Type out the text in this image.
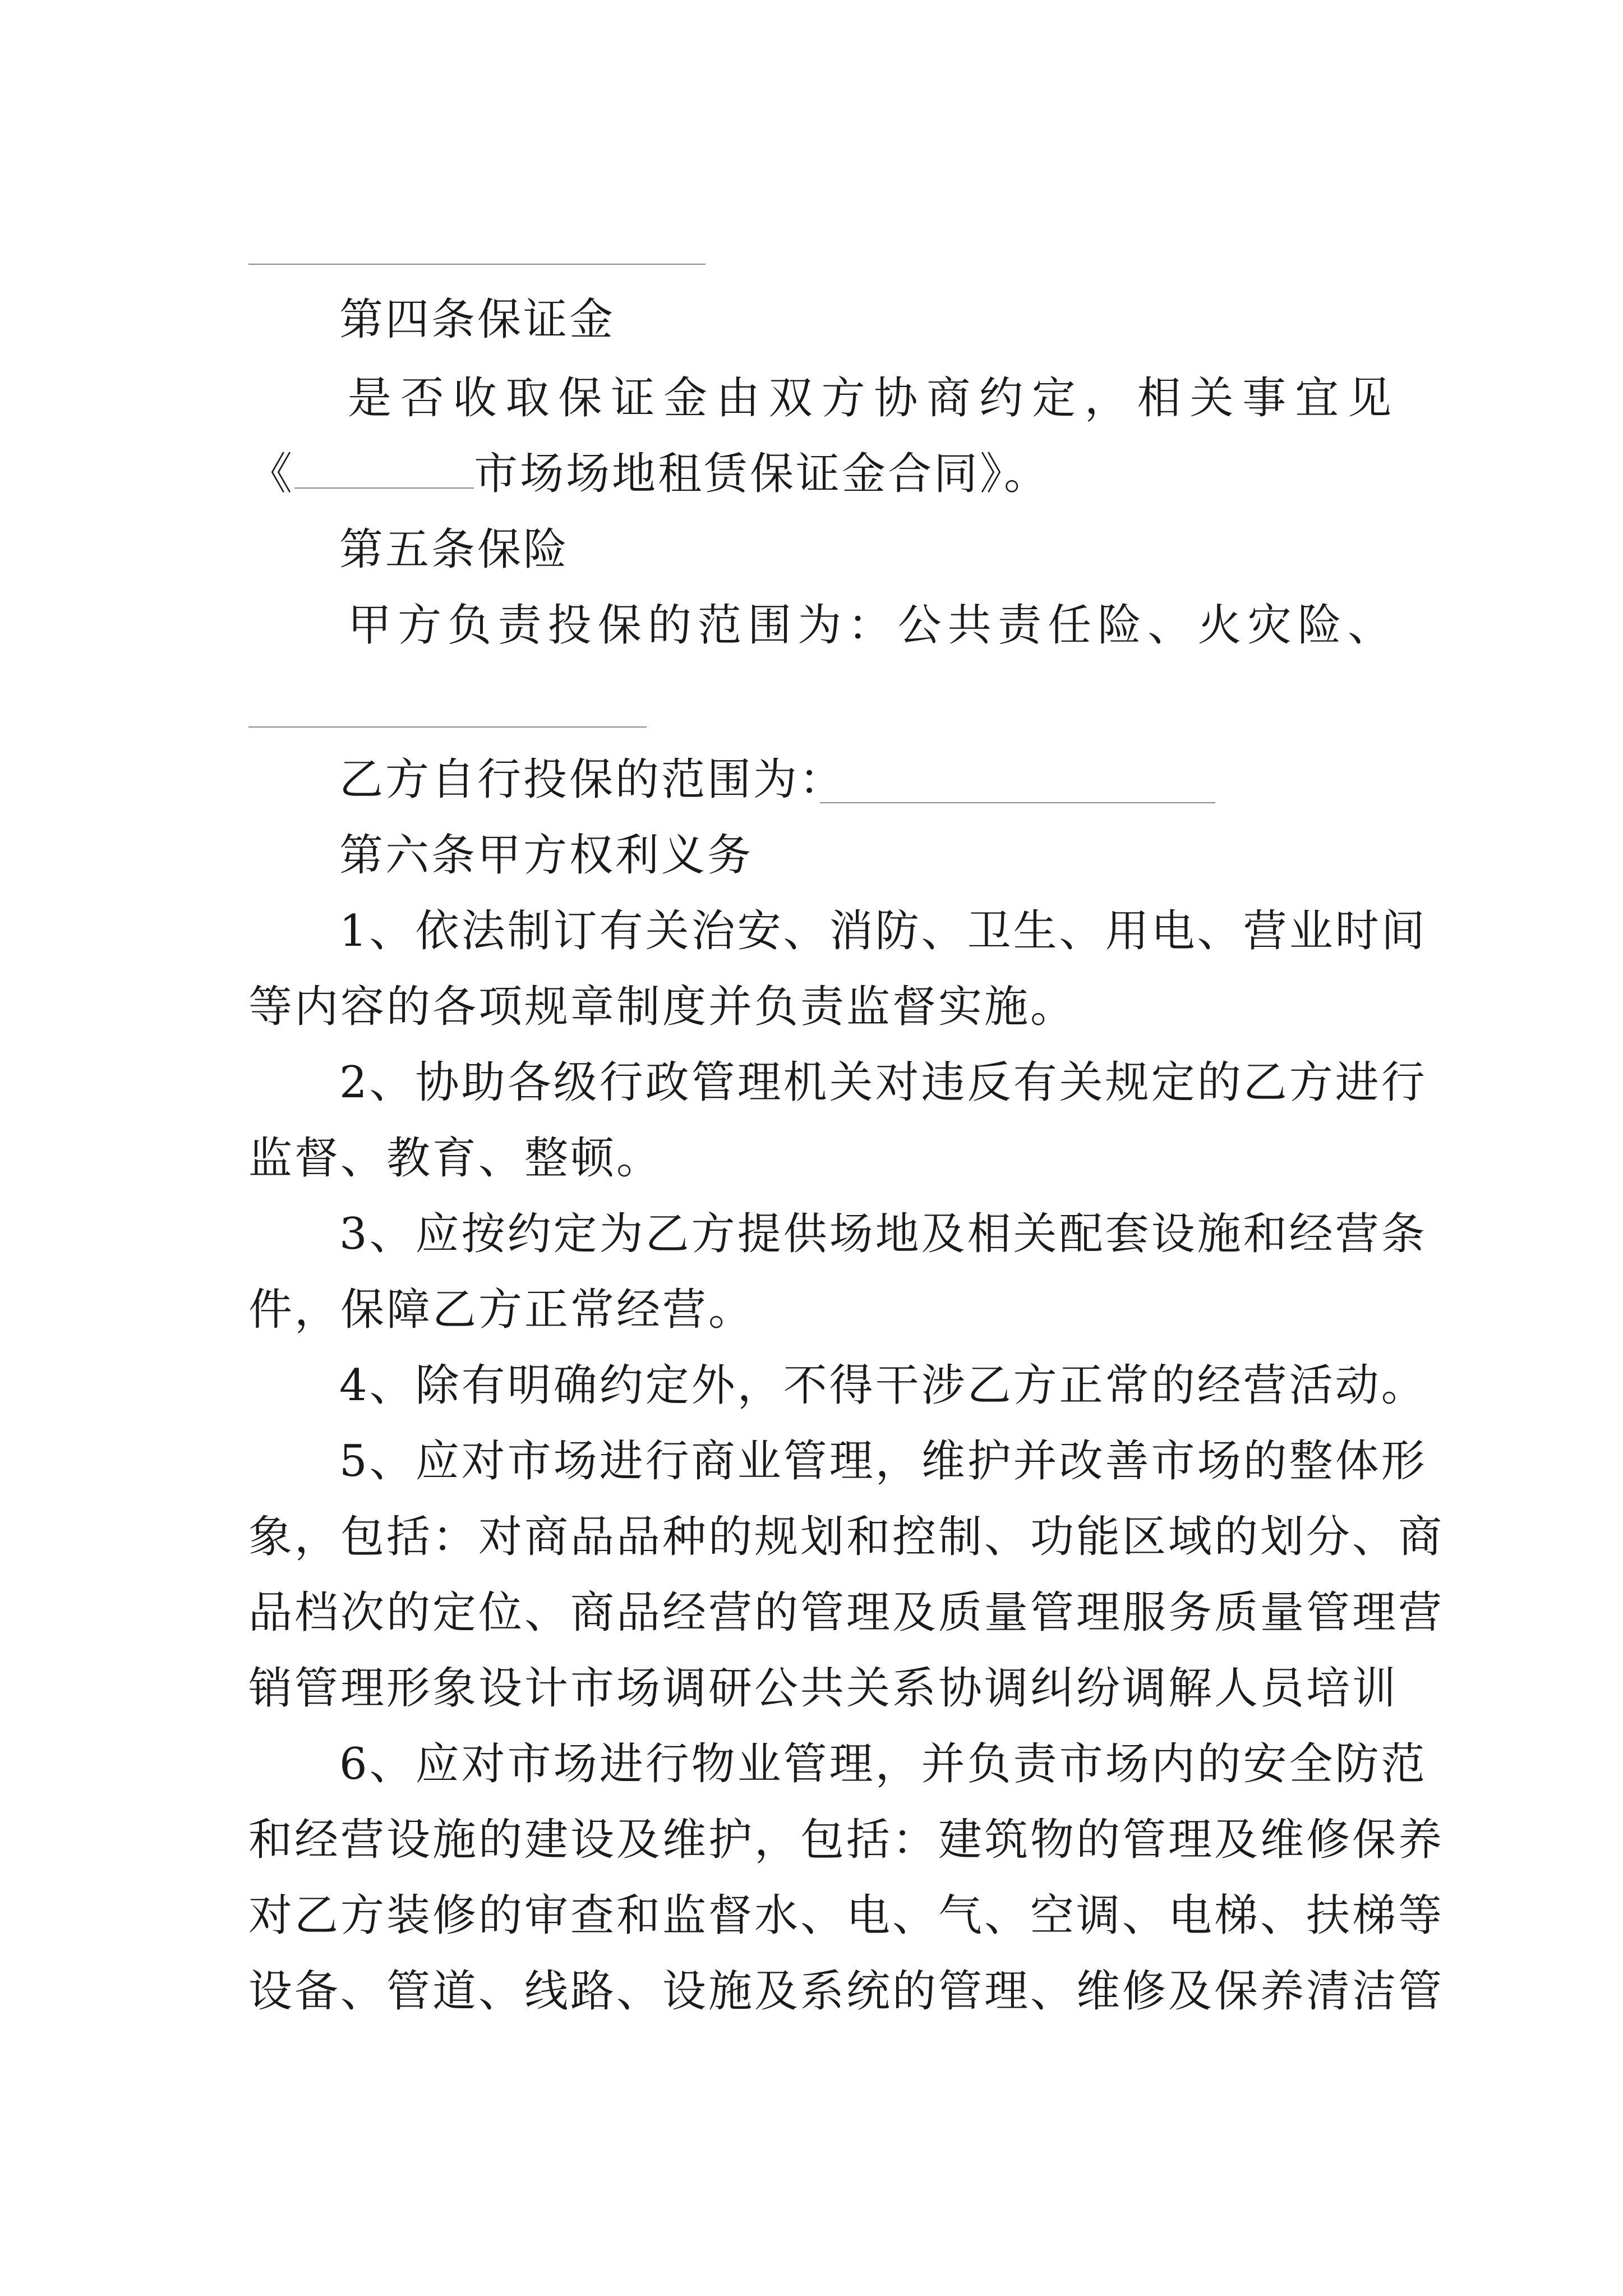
第四条保证金
是否收取保证金由双方协商约定，相关事宜见
《	市场场地租赁保证金合同》。
第五条保险
甲方负责投保的范围为：公共责任险、火灾险、
乙方自行投保的范围为：
第六条甲方权利义务
1、依法制订有关治安、消防、卫生、用电、营业时间
等内容的各项规章制度并负责监督实施。
2、协助各级行政管理机关对违反有关规定的乙方进行
监督、教育、整顿。
3、应按约定为乙方提供场地及相关配套设施和经营条
件，保障乙方正常经营。
4、除有明确约定外，不得干涉乙方正常的经营活动。
5、应对市场进行商业管理，维护并改善市场的整体形
象，包括：对商品品种的规划和控制、功能区域的划分、商
品档次的定位、商品经营的管理及质量管理服务质量管理营
销管理形象设计市场调研公共关系协调纠纷调解人员培训
6、应对市场进行物业管理，并负责市场内的安全防范
和经营设施的建设及维护，包括：建筑物的管理及维修保养
对乙方装修的审查和监督水、电、气、空调、电梯、扶梯等
设备、管道、线路、设施及系统的管理、维修及保养清洁管
